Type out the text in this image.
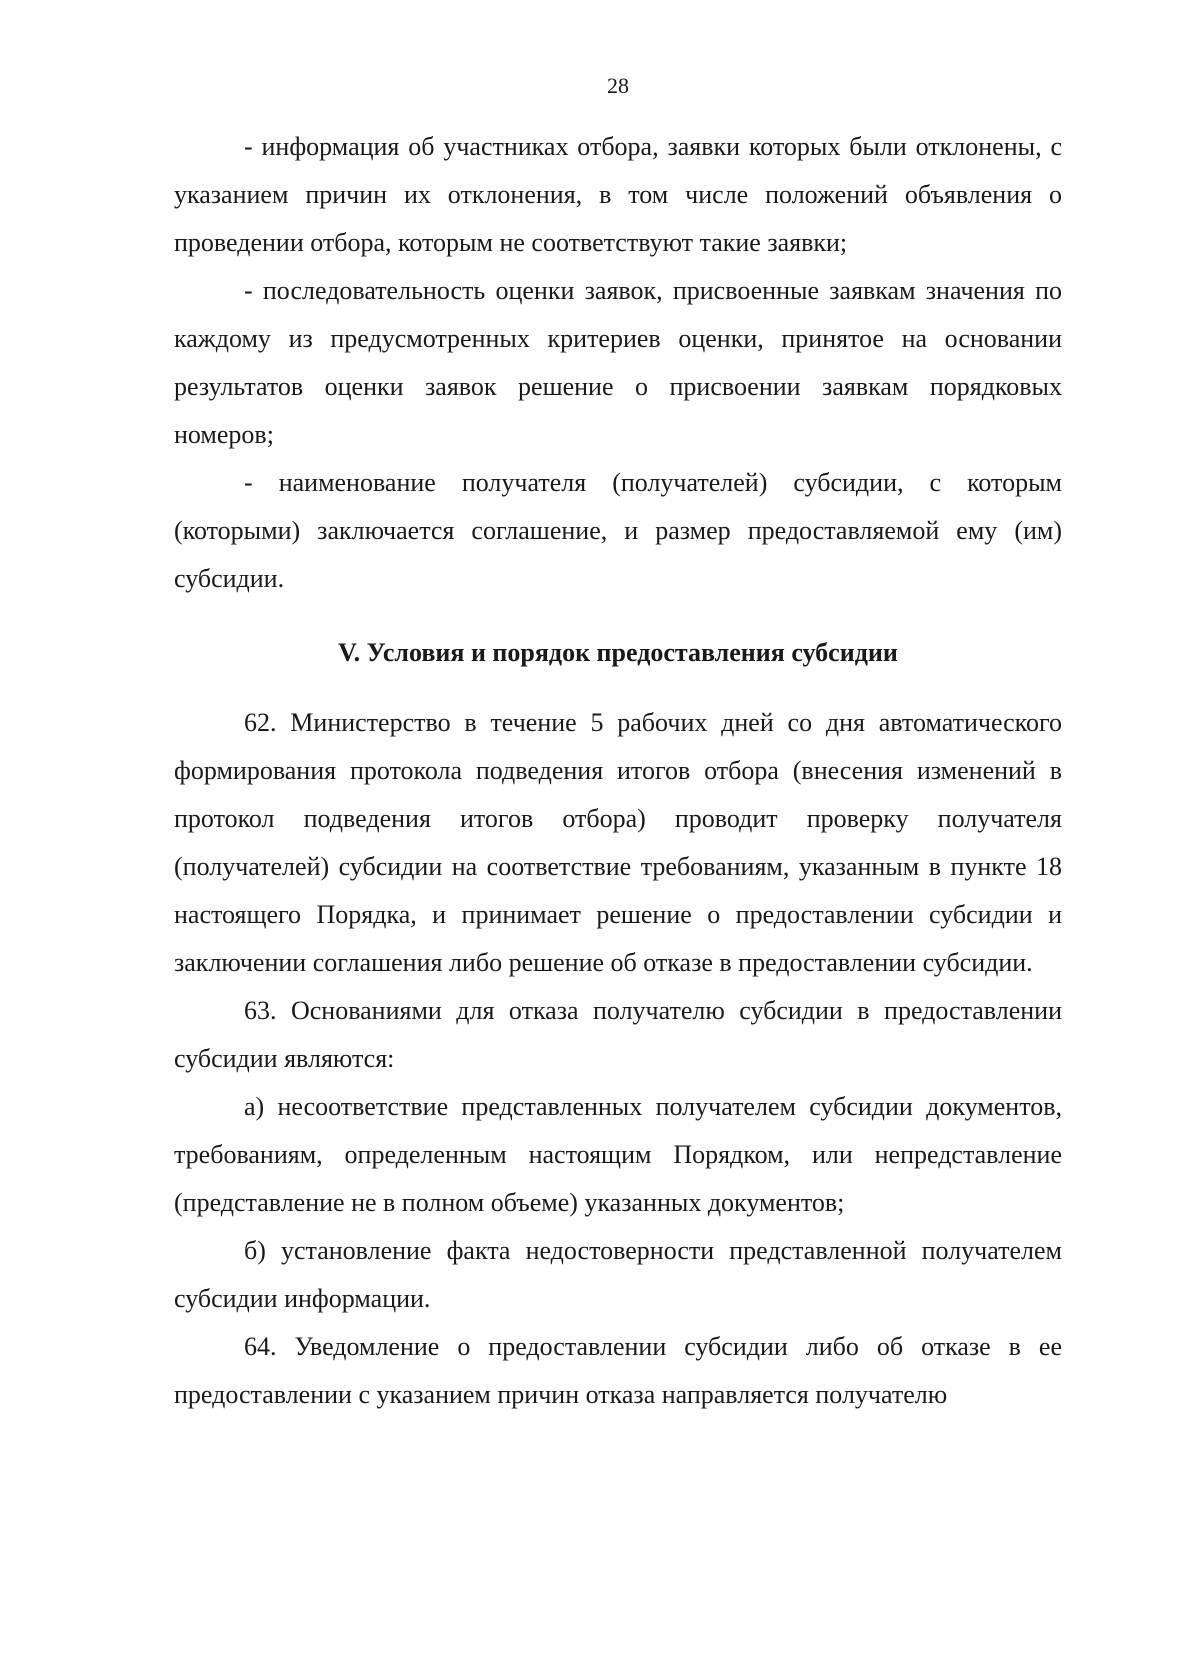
28

- информация об участниках отбора, заявки которых были отклонены, с указанием причин их отклонения, в том числе положений объявления о проведении отбора, которым не соответствуют такие заявки;

- последовательность оценки заявок, присвоенные заявкам значения по каждому из предусмотренных критериев оценки, принятое на основании результатов оценки заявок решение о присвоении заявкам порядковых номеров;

- наименование получателя (получателей) субсидии, с которым (которыми) заключается соглашение, и размер предоставляемой ему (им) субсидии.

V. Условия и порядок предоставления субсидии

62. Министерство в течение 5 рабочих дней со дня автоматического формирования протокола подведения итогов отбора (внесения изменений в протокол подведения итогов отбора) проводит проверку получателя (получателей) субсидии на соответствие требованиям, указанным в пункте 18 настоящего Порядка, и принимает решение о предоставлении субсидии и заключении соглашения либо решение об отказе в предоставлении субсидии.

63. Основаниями для отказа получателю субсидии в предоставлении субсидии являются:

а) несоответствие представленных получателем субсидии документов, требованиям, определенным настоящим Порядком, или непредставление (представление не в полном объеме) указанных документов;

б) установление факта недостоверности представленной получателем субсидии информации.

64. Уведомление о предоставлении субсидии либо об отказе в ее предоставлении с указанием причин отказа направляется получателю
